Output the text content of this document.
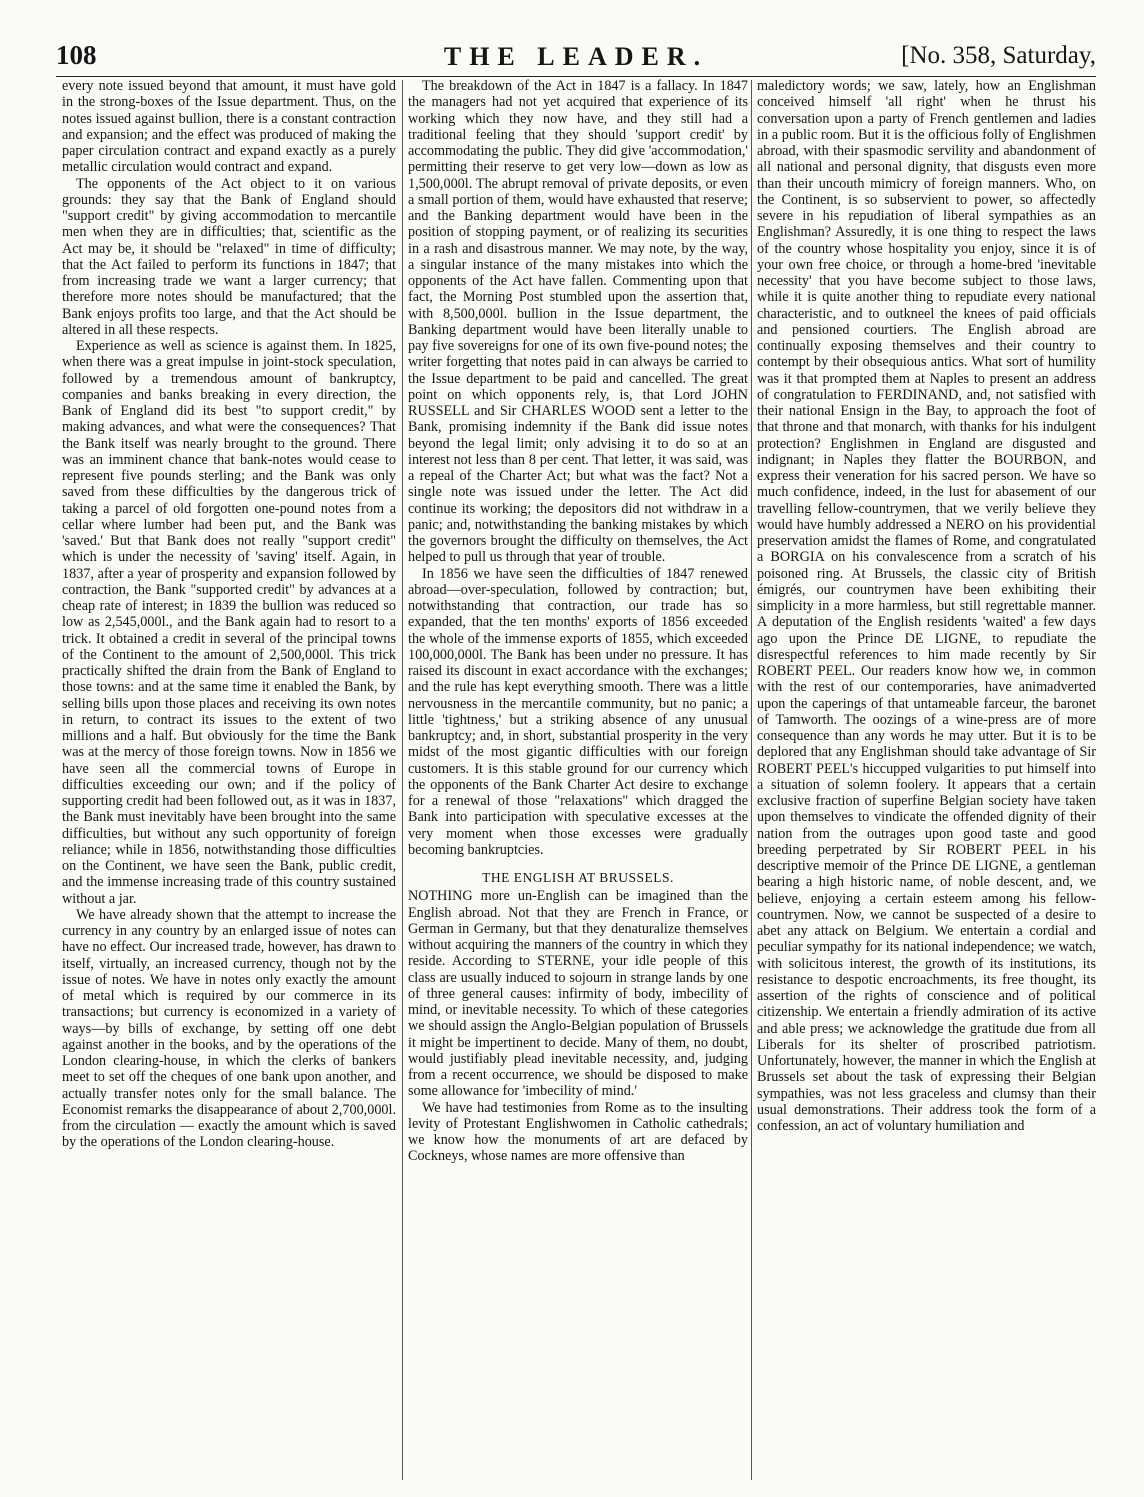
108	THE LEADER.	[No. 358, Saturday,

every note issued beyond that amount, it must have gold in the strong-boxes of the Issue department. Thus, on the notes issued against bullion, there is a constant contraction and expansion; and the effect was produced of making the paper circulation contract and expand exactly as a purely metallic circulation would contract and expand.

The opponents of the Act object to it on various grounds: they say that the Bank of England should "support credit" by giving accommodation to mercantile men when they are in difficulties; that, scientific as the Act may be, it should be "relaxed" in time of difficulty; that the Act failed to perform its functions in 1847; that from increasing trade we want a larger currency; that therefore more notes should be manufactured; that the Bank enjoys profits too large, and that the Act should be altered in all these respects.

Experience as well as science is against them. In 1825, when there was a great impulse in joint-stock speculation, followed by a tremendous amount of bankruptcy, companies and banks breaking in every direction, the Bank of England did its best "to support credit," by making advances, and what were the consequences? That the Bank itself was nearly brought to the ground. There was an imminent chance that bank-notes would cease to represent five pounds sterling; and the Bank was only saved from these difficulties by the dangerous trick of taking a parcel of old forgotten one-pound notes from a cellar where lumber had been put, and the Bank was 'saved.' But that Bank does not really "support credit" which is under the necessity of 'saving' itself. Again, in 1837, after a year of prosperity and expansion followed by contraction, the Bank "supported credit" by advances at a cheap rate of interest; in 1839 the bullion was reduced so low as 2,545,000l., and the Bank again had to resort to a trick. It obtained a credit in several of the principal towns of the Continent to the amount of 2,500,000l. This trick practically shifted the drain from the Bank of England to those towns: and at the same time it enabled the Bank, by selling bills upon those places and receiving its own notes in return, to contract its issues to the extent of two millions and a half. But obviously for the time the Bank was at the mercy of those foreign towns. Now in 1856 we have seen all the commercial towns of Europe in difficulties exceeding our own; and if the policy of supporting credit had been followed out, as it was in 1837, the Bank must inevitably have been brought into the same difficulties, but without any such opportunity of foreign reliance; while in 1856, notwithstanding those difficulties on the Continent, we have seen the Bank, public credit, and the immense increasing trade of this country sustained without a jar.

We have already shown that the attempt to increase the currency in any country by an enlarged issue of notes can have no effect. Our increased trade, however, has drawn to itself, virtually, an increased currency, though not by the issue of notes. We have in notes only exactly the amount of metal which is required by our commerce in its transactions; but currency is economized in a variety of ways—by bills of exchange, by setting off one debt against another in the books, and by the operations of the London clearing-house, in which the clerks of bankers meet to set off the cheques of one bank upon another, and actually transfer notes only for the small balance. The Economist remarks the disappearance of about 2,700,000l. from the circulation — exactly the amount which is saved by the operations of the London clearing-house.

The breakdown of the Act in 1847 is a fallacy. In 1847 the managers had not yet acquired that experience of its working which they now have, and they still had a traditional feeling that they should 'support credit' by accommodating the public. They did give 'accommodation,' permitting their reserve to get very low—down as low as 1,500,000l. The abrupt removal of private deposits, or even a small portion of them, would have exhausted that reserve; and the Banking department would have been in the position of stopping payment, or of realizing its securities in a rash and disastrous manner. We may note, by the way, a singular instance of the many mistakes into which the opponents of the Act have fallen. Commenting upon that fact, the Morning Post stumbled upon the assertion that, with 8,500,000l. bullion in the Issue department, the Banking department would have been literally unable to pay five sovereigns for one of its own five-pound notes; the writer forgetting that notes paid in can always be carried to the Issue department to be paid and cancelled. The great point on which opponents rely, is, that Lord JOHN RUSSELL and Sir CHARLES WOOD sent a letter to the Bank, promising indemnity if the Bank did issue notes beyond the legal limit; only advising it to do so at an interest not less than 8 per cent. That letter, it was said, was a repeal of the Charter Act; but what was the fact? Not a single note was issued under the letter. The Act did continue its working; the depositors did not withdraw in a panic; and, notwithstanding the banking mistakes by which the governors brought the difficulty on themselves, the Act helped to pull us through that year of trouble.

In 1856 we have seen the difficulties of 1847 renewed abroad—over-speculation, followed by contraction; but, notwithstanding that contraction, our trade has so expanded, that the ten months' exports of 1856 exceeded the whole of the immense exports of 1855, which exceeded 100,000,000l. The Bank has been under no pressure. It has raised its discount in exact accordance with the exchanges; and the rule has kept everything smooth. There was a little nervousness in the mercantile community, but no panic; a little 'tightness,' but a striking absence of any unusual bankruptcy; and, in short, substantial prosperity in the very midst of the most gigantic difficulties with our foreign customers. It is this stable ground for our currency which the opponents of the Bank Charter Act desire to exchange for a renewal of those "relaxations" which dragged the Bank into participation with speculative excesses at the very moment when those excesses were gradually becoming bankruptcies.

THE ENGLISH AT BRUSSELS.

NOTHING more un-English can be imagined than the English abroad. Not that they are French in France, or German in Germany, but that they denaturalize themselves without acquiring the manners of the country in which they reside. According to STERNE, your idle people of this class are usually induced to sojourn in strange lands by one of three general causes: infirmity of body, imbecility of mind, or inevitable necessity. To which of these categories we should assign the Anglo-Belgian population of Brussels it might be impertinent to decide. Many of them, no doubt, would justifiably plead inevitable necessity, and, judging from a recent occurrence, we should be disposed to make some allowance for 'imbecility of mind.'

We have had testimonies from Rome as to the insulting levity of Protestant Englishwomen in Catholic cathedrals; we know how the monuments of art are defaced by Cockneys, whose names are more offensive than

maledictory words; we saw, lately, how an Englishman conceived himself 'all right' when he thrust his conversation upon a party of French gentlemen and ladies in a public room. But it is the officious folly of Englishmen abroad, with their spasmodic servility and abandonment of all national and personal dignity, that disgusts even more than their uncouth mimicry of foreign manners. Who, on the Continent, is so subservient to power, so affectedly severe in his repudiation of liberal sympathies as an Englishman? Assuredly, it is one thing to respect the laws of the country whose hospitality you enjoy, since it is of your own free choice, or through a home-bred 'inevitable necessity' that you have become subject to those laws, while it is quite another thing to repudiate every national characteristic, and to outkneel the knees of paid officials and pensioned courtiers. The English abroad are continually exposing themselves and their country to contempt by their obsequious antics. What sort of humility was it that prompted them at Naples to present an address of congratulation to FERDINAND, and, not satisfied with their national Ensign in the Bay, to approach the foot of that throne and that monarch, with thanks for his indulgent protection? Englishmen in England are disgusted and indignant; in Naples they flatter the BOURBON, and express their veneration for his sacred person. We have so much confidence, indeed, in the lust for abasement of our travelling fellow-countrymen, that we verily believe they would have humbly addressed a NERO on his providential preservation amidst the flames of Rome, and congratulated a BORGIA on his convalescence from a scratch of his poisoned ring. At Brussels, the classic city of British émigrés, our countrymen have been exhibiting their simplicity in a more harmless, but still regrettable manner. A deputation of the English residents 'waited' a few days ago upon the Prince DE LIGNE, to repudiate the disrespectful references to him made recently by Sir ROBERT PEEL. Our readers know how we, in common with the rest of our contemporaries, have animadverted upon the caperings of that untameable farceur, the baronet of Tamworth. The oozings of a wine-press are of more consequence than any words he may utter. But it is to be deplored that any Englishman should take advantage of Sir ROBERT PEEL's hiccupped vulgarities to put himself into a situation of solemn foolery. It appears that a certain exclusive fraction of superfine Belgian society have taken upon themselves to vindicate the offended dignity of their nation from the outrages upon good taste and good breeding perpetrated by Sir ROBERT PEEL in his descriptive memoir of the Prince DE LIGNE, a gentleman bearing a high historic name, of noble descent, and, we believe, enjoying a certain esteem among his fellow-countrymen. Now, we cannot be suspected of a desire to abet any attack on Belgium. We entertain a cordial and peculiar sympathy for its national independence; we watch, with solicitous interest, the growth of its institutions, its resistance to despotic encroachments, its free thought, its assertion of the rights of conscience and of political citizenship. We entertain a friendly admiration of its active and able press; we acknowledge the gratitude due from all Liberals for its shelter of proscribed patriotism. Unfortunately, however, the manner in which the English at Brussels set about the task of expressing their Belgian sympathies, was not less graceless and clumsy than their usual demonstrations. Their address took the form of a confession, an act of voluntary humiliation and
